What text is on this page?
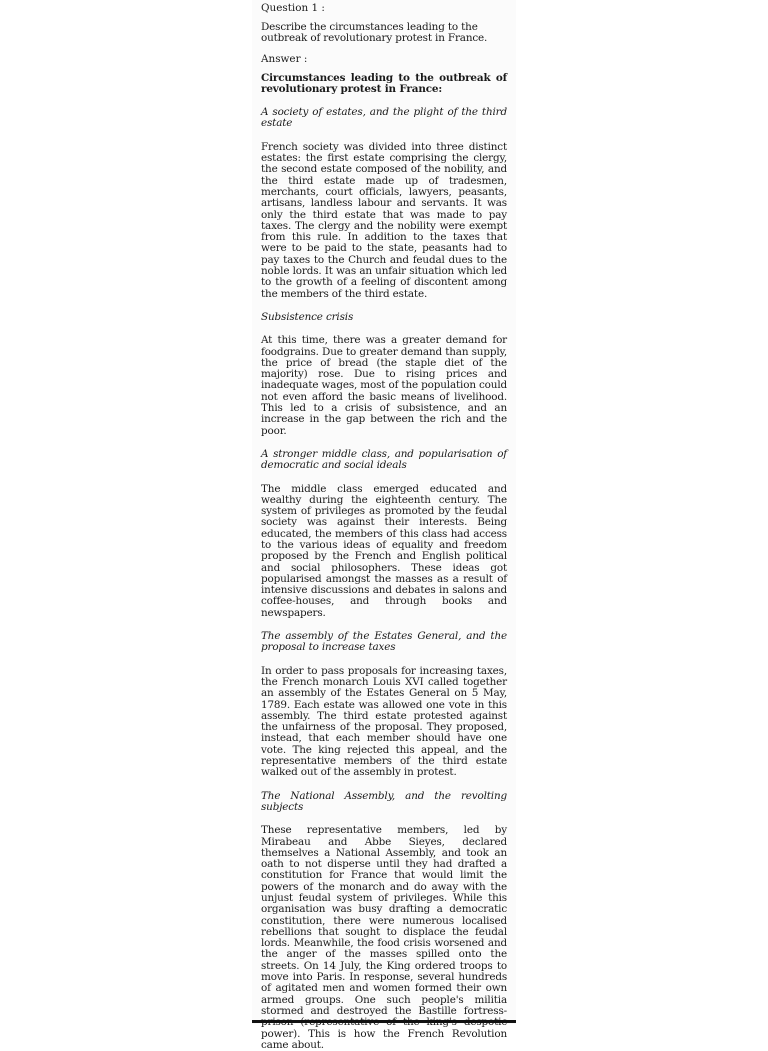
Question 1 :

Describe the circumstances leading to the outbreak of revolutionary protest in France.

Answer :

Circumstances leading to the outbreak of revolutionary protest in France:

A society of estates, and the plight of the third estate

French society was divided into three distinct estates: the first estate comprising the clergy, the second estate composed of the nobility, and the third estate made up of tradesmen, merchants, court officials, lawyers, peasants, artisans, landless labour and servants. It was only the third estate that was made to pay taxes. The clergy and the nobility were exempt from this rule. In addition to the taxes that were to be paid to the state, peasants had to pay taxes to the Church and feudal dues to the noble lords. It was an unfair situation which led to the growth of a feeling of discontent among the members of the third estate.

Subsistence crisis

At this time, there was a greater demand for foodgrains. Due to greater demand than supply, the price of bread (the staple diet of the majority) rose. Due to rising prices and inadequate wages, most of the population could not even afford the basic means of livelihood. This led to a crisis of subsistence, and an increase in the gap between the rich and the poor.

A stronger middle class, and popularisation of democratic and social ideals

The middle class emerged educated and wealthy during the eighteenth century. The system of privileges as promoted by the feudal society was against their interests. Being educated, the members of this class had access to the various ideas of equality and freedom proposed by the French and English political and social philosophers. These ideas got popularised amongst the masses as a result of intensive discussions and debates in salons and coffee-houses, and through books and newspapers.

The assembly of the Estates General, and the proposal to increase taxes

In order to pass proposals for increasing taxes, the French monarch Louis XVI called together an assembly of the Estates General on 5 May, 1789. Each estate was allowed one vote in this assembly. The third estate protested against the unfairness of the proposal. They proposed, instead, that each member should have one vote. The king rejected this appeal, and the representative members of the third estate walked out of the assembly in protest.

The National Assembly, and the revolting subjects

These representative members, led by Mirabeau and Abbe Sieyes, declared themselves a National Assembly, and took an oath to not disperse until they had drafted a constitution for France that would limit the powers of the monarch and do away with the unjust feudal system of privileges. While this organisation was busy drafting a democratic constitution, there were numerous localised rebellions that sought to displace the feudal lords. Meanwhile, the food crisis worsened and the anger of the masses spilled onto the streets. On 14 July, the King ordered troops to move into Paris. In response, several hundreds of agitated men and women formed their own armed groups. One such people's militia stormed and destroyed the Bastille fortress- power). This is how the French Revolution came about.
